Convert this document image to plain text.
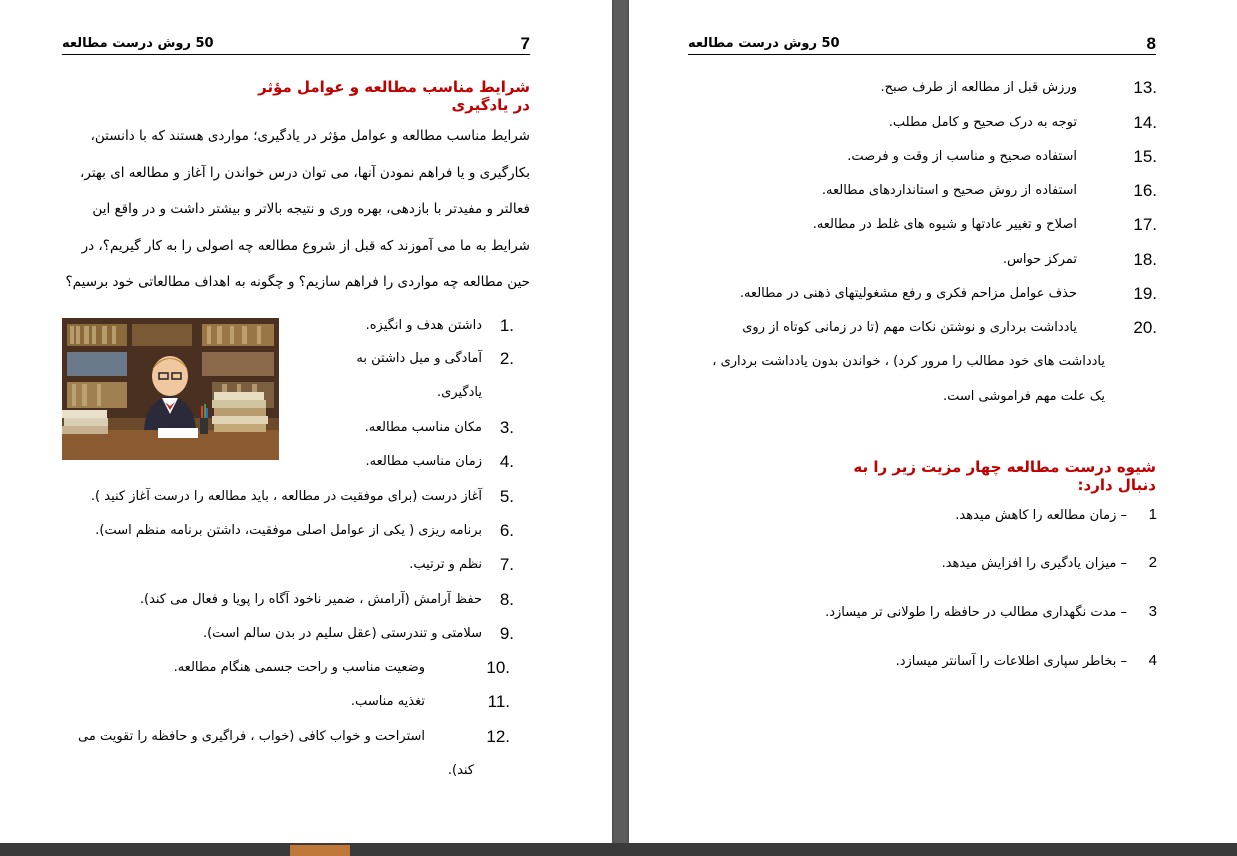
7
50 روش درست مطالعه
شرایط مناسب مطالعه و عوامل مؤثر در یادگیری
شرایط مناسب مطالعه و عوامل مؤثر در یادگیری؛ مواردی هستند که با دانستن،
بکارگیری و یا فراهم نمودن آنها، می توان درس خواندن را آغاز و مطالعه ای بهتر،
فعالتر و مفیدتر با بازدهی، بهره وری و نتیجه بالاتر و بیشتر داشت و در واقع این
شرایط به ما می آموزند که قبل از شروع مطالعه چه اصولی را به کار گیریم؟، در
حین مطالعه چه مواردی را فراهم سازیم؟ و چگونه به اهداف مطالعاتی خود برسیم؟
1.
داشتن هدف و انگیزه.
2.
آمادگی و میل داشتن به
یادگیری.
3.
مکان مناسب مطالعه.
4.
زمان مناسب مطالعه.
5.
آغاز درست (برای موفقیت در مطالعه ، باید مطالعه را درست آغاز کنید ).
6.
برنامه ریزی ( یکی از عوامل اصلی موفقیت، داشتن برنامه منظم است).
7.
نظم و ترتیب.
8.
حفظ آرامش (آرامش ، ضمیر ناخود آگاه را پویا و فعال می کند).
9.
سلامتی و تندرستی (عقل سلیم در بدن سالم است).
10.
وضعیت مناسب و راحت جسمی هنگام مطالعه.
11.
تغذیه مناسب.
12.
استراحت و خواب کافی (خواب ، فراگیری و حافظه را تقویت می
کند).
50 روش درست مطالعه	8
13.
ورزش قبل از مطالعه از طرف صبح.
14.
توجه به درک صحیح و کامل مطلب.
15.
استفاده صحیح و مناسب از وقت و فرصت.
16.
استفاده از روش صحیح و استانداردهای مطالعه.
17.
اصلاح و تغییر عادتها و شیوه های غلط در مطالعه.
18.
تمرکز حواس.
19.
حذف عوامل مزاحم فکری و رفع مشغولیتهای ذهنی در مطالعه.
20.
یادداشت برداری و نوشتن نکات مهم (تا در زمانی کوتاه از روی
یادداشت های خود مطالب را مرور کرد) ، خواندن بدون یادداشت برداری ،
یک علت مهم فراموشی است.
شیوه درست مطالعه چهار مزیت زیر را به دنبال دارد:
1
– زمان مطالعه را کاهش میدهد.
2
– میزان یادگیری را افزایش میدهد.
3
– مدت نگهداری مطالب در حافظه را طولانی تر میسازد.
4
– بخاطر سپاری اطلاعات را آسانتر میسازد.
